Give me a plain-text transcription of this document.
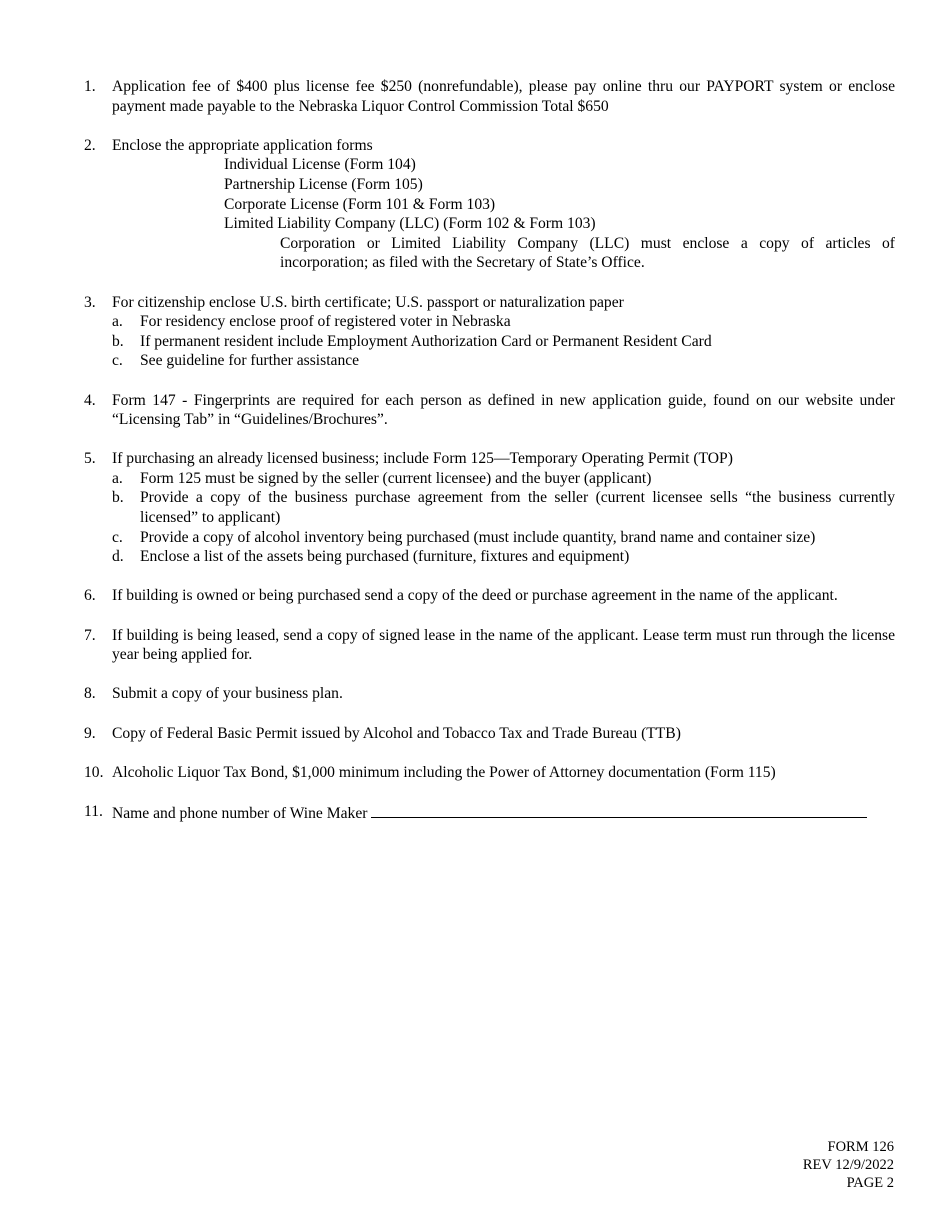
1. Application fee of $400 plus license fee $250 (nonrefundable), please pay online thru our PAYPORT system or enclose payment made payable to the Nebraska Liquor Control Commission Total $650
2. Enclose the appropriate application forms
Individual License (Form 104)
Partnership License (Form 105)
Corporate License (Form 101 & Form 103)
Limited Liability Company (LLC) (Form 102 & Form 103)
Corporation or Limited Liability Company (LLC) must enclose a copy of articles of incorporation; as filed with the Secretary of State’s Office.
3. For citizenship enclose U.S. birth certificate; U.S. passport or naturalization paper
a. For residency enclose proof of registered voter in Nebraska
b. If permanent resident include Employment Authorization Card or Permanent Resident Card
c. See guideline for further assistance
4. Form 147 - Fingerprints are required for each person as defined in new application guide, found on our website under “Licensing Tab” in “Guidelines/Brochures”.
5. If purchasing an already licensed business; include Form 125—Temporary Operating Permit (TOP)
a. Form 125 must be signed by the seller (current licensee) and the buyer (applicant)
b. Provide a copy of the business purchase agreement from the seller (current licensee sells “the business currently licensed” to applicant)
c. Provide a copy of alcohol inventory being purchased (must include quantity, brand name and container size)
d. Enclose a list of the assets being purchased (furniture, fixtures and equipment)
6. If building is owned or being purchased send a copy of the deed or purchase agreement in the name of the applicant.
7. If building is being leased, send a copy of signed lease in the name of the applicant. Lease term must run through the license year being applied for.
8. Submit a copy of your business plan.
9. Copy of Federal Basic Permit issued by Alcohol and Tobacco Tax and Trade Bureau (TTB)
10. Alcoholic Liquor Tax Bond, $1,000 minimum including the Power of Attorney documentation (Form 115)
11. Name and phone number of Wine Maker
FORM 126
REV 12/9/2022
PAGE 2
